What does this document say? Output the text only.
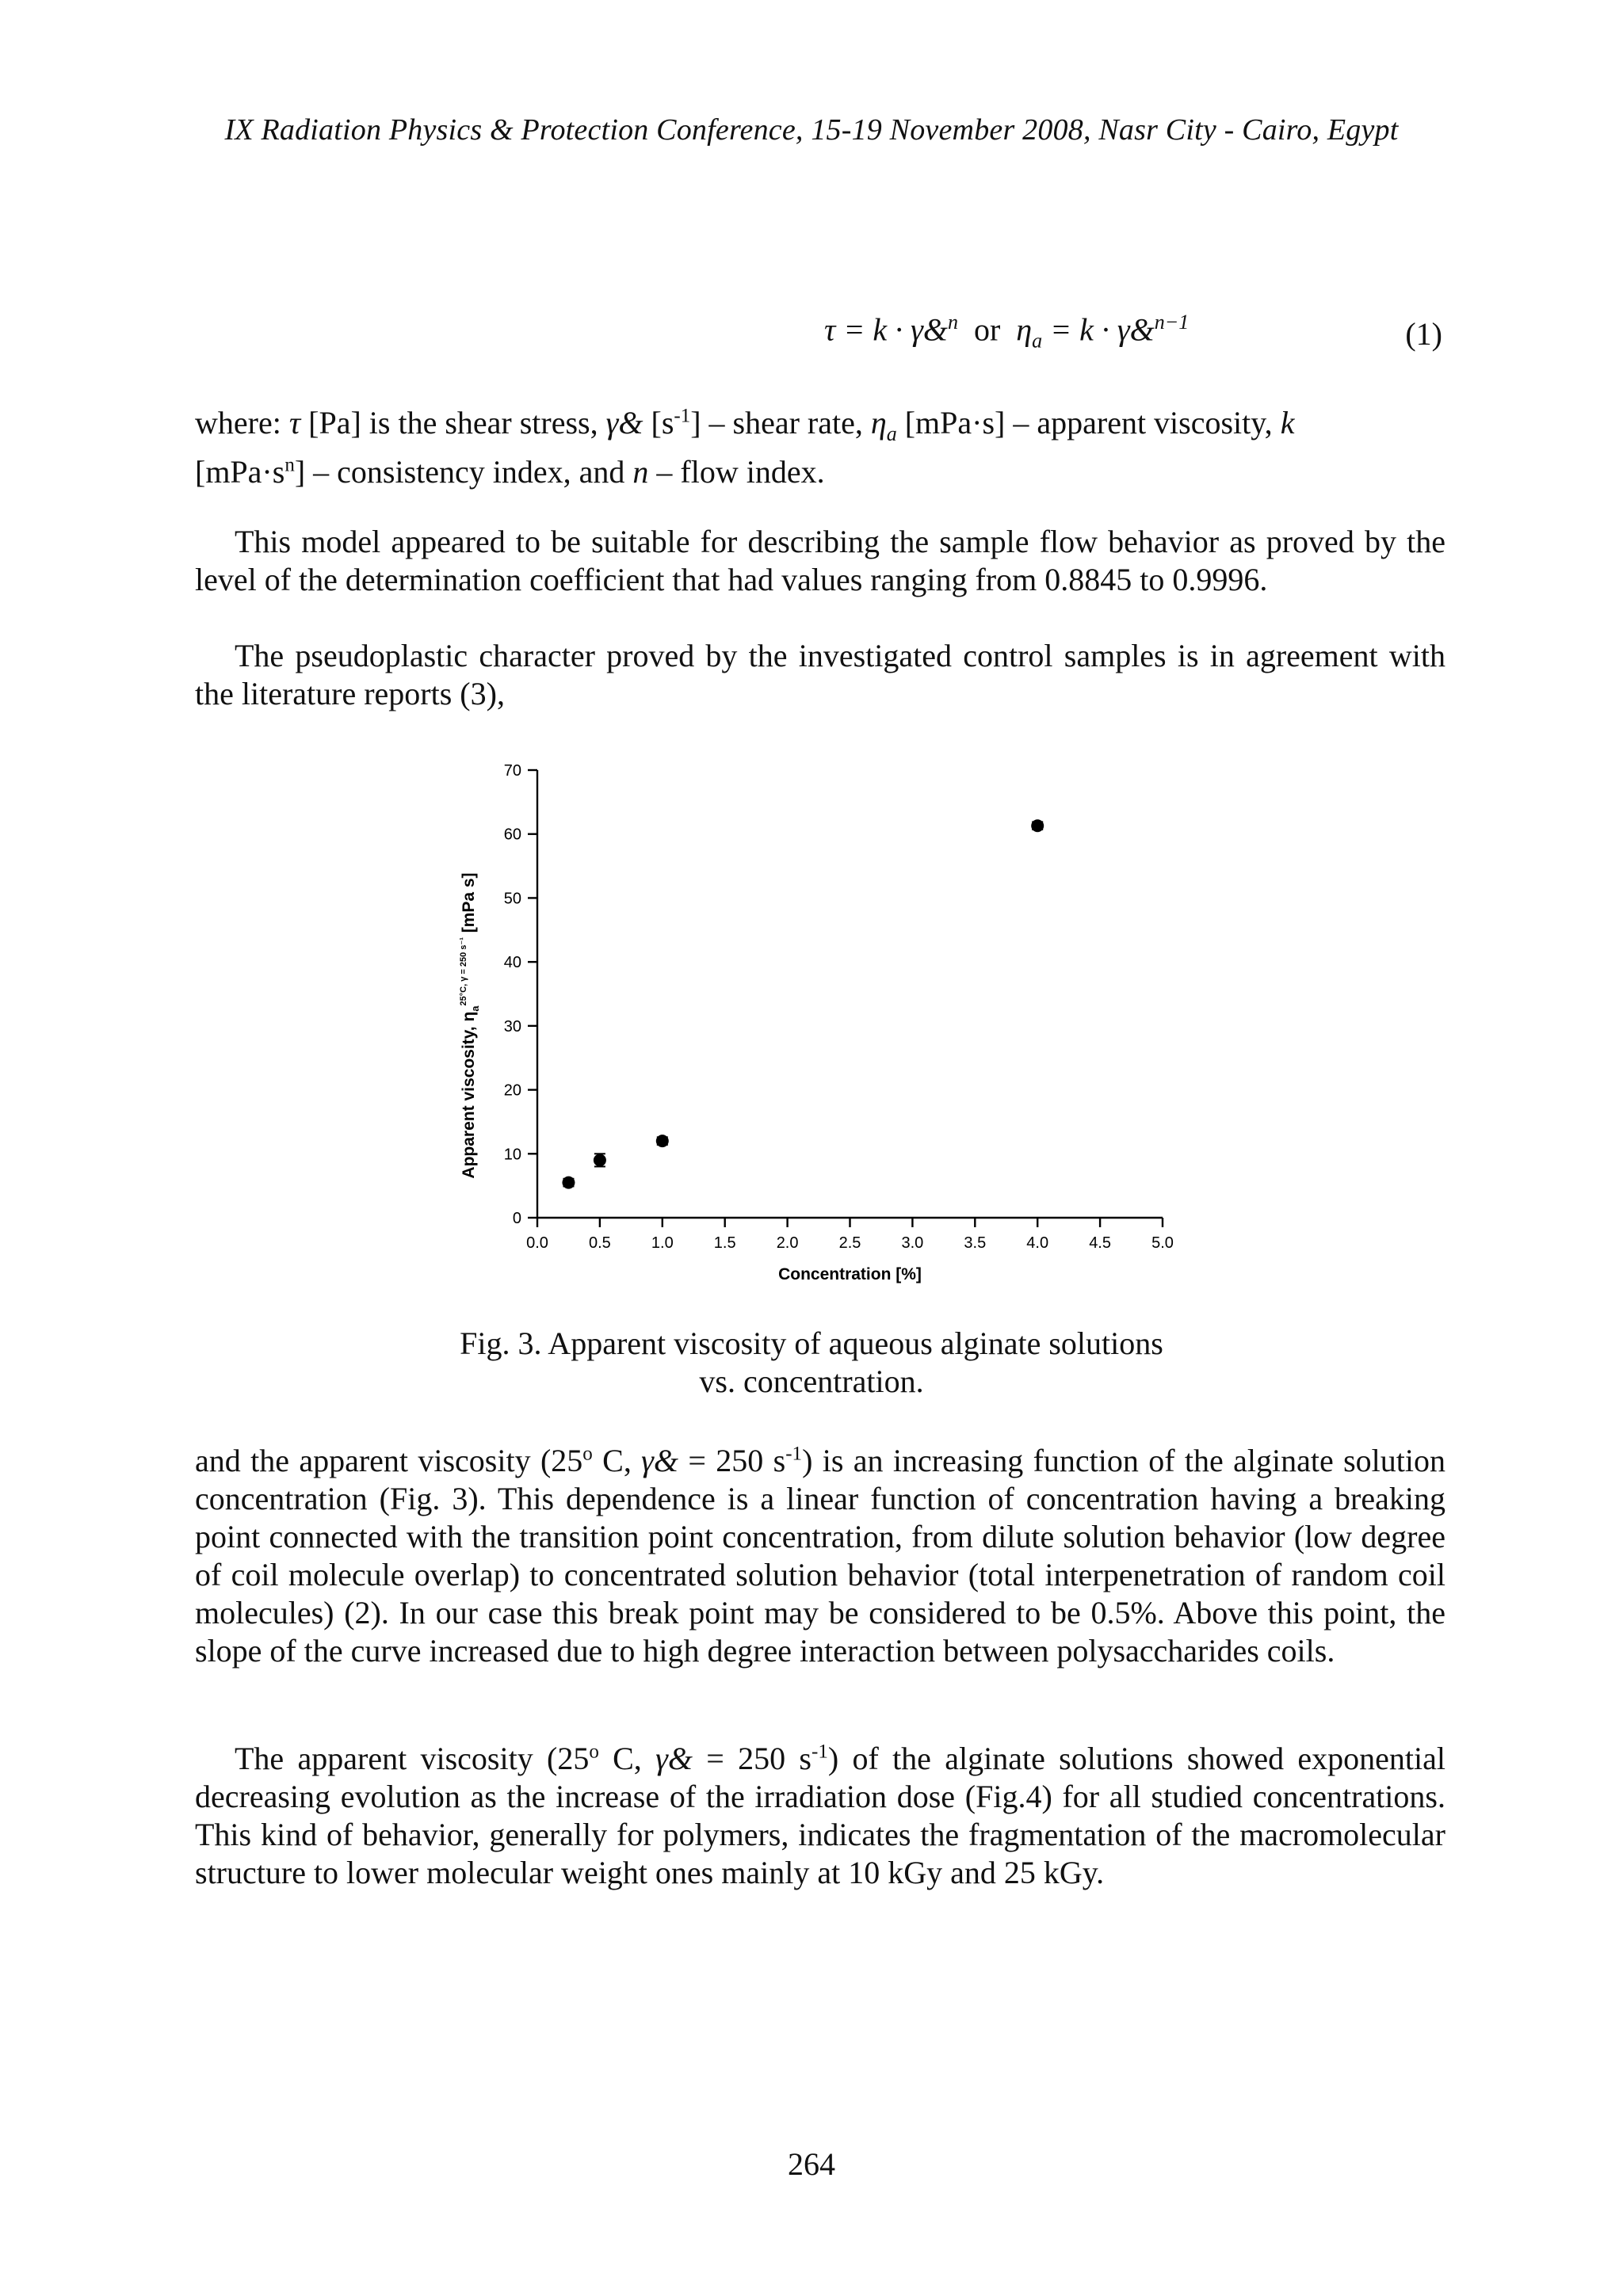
IX Radiation Physics & Protection Conference, 15-19 November 2008, Nasr City - Cairo, Egypt
τ = k · γ&$^n$ or $\eta_a = k$ · γ&$^{n-1}$	(1)
where: τ [Pa] is the shear stress, γ& $[s^{-1}]$ – shear rate, $\eta_a$ [mPa·s] – apparent viscosity, k
$[mPa\cdot s^n]$ – consistency index, and n – flow index.
This model appeared to be suitable for describing the sample flow behavior as proved by the level of the determination coefficient that had values ranging from 0.8845 to 0.9996.
The pseudoplastic character proved by the investigated control samples is in agreement with the literature reports (3),
0
10
20
30
40
50
60
70
0.0	0.5	1.0	1.5	2.0	2.5	3.0	3.5	4.0	4.5	5.0
Concentration [%]
Apparent viscosity, $\eta_a^{25^\circ C, \gamma = 250 s^{-1}}$ [mPa s]
Fig. 3. Apparent viscosity of aqueous alginate solutions
vs. concentration.
and the apparent viscosity (25$^o$ C, γ& = 250 $s^{-1}$) is an increasing function of the alginate solution concentration (Fig. 3). This dependence is a linear function of concentration having a breaking point connected with the transition point concentration, from dilute solution behavior (low degree of coil molecule overlap) to concentrated solution behavior (total interpenetration of random coil molecules) (2). In our case this break point may be considered to be 0.5%. Above this point, the slope of the curve increased due to high degree interaction between polysaccharides coils.
The apparent viscosity (25$^o$ C, γ& = 250 $s^{-1}$) of the alginate solutions showed exponential decreasing evolution as the increase of the irradiation dose (Fig.4) for all studied concentrations. This kind of behavior, generally for polymers, indicates the fragmentation of the macromolecular structure to lower molecular weight ones mainly at 10 kGy and 25 kGy.
264
